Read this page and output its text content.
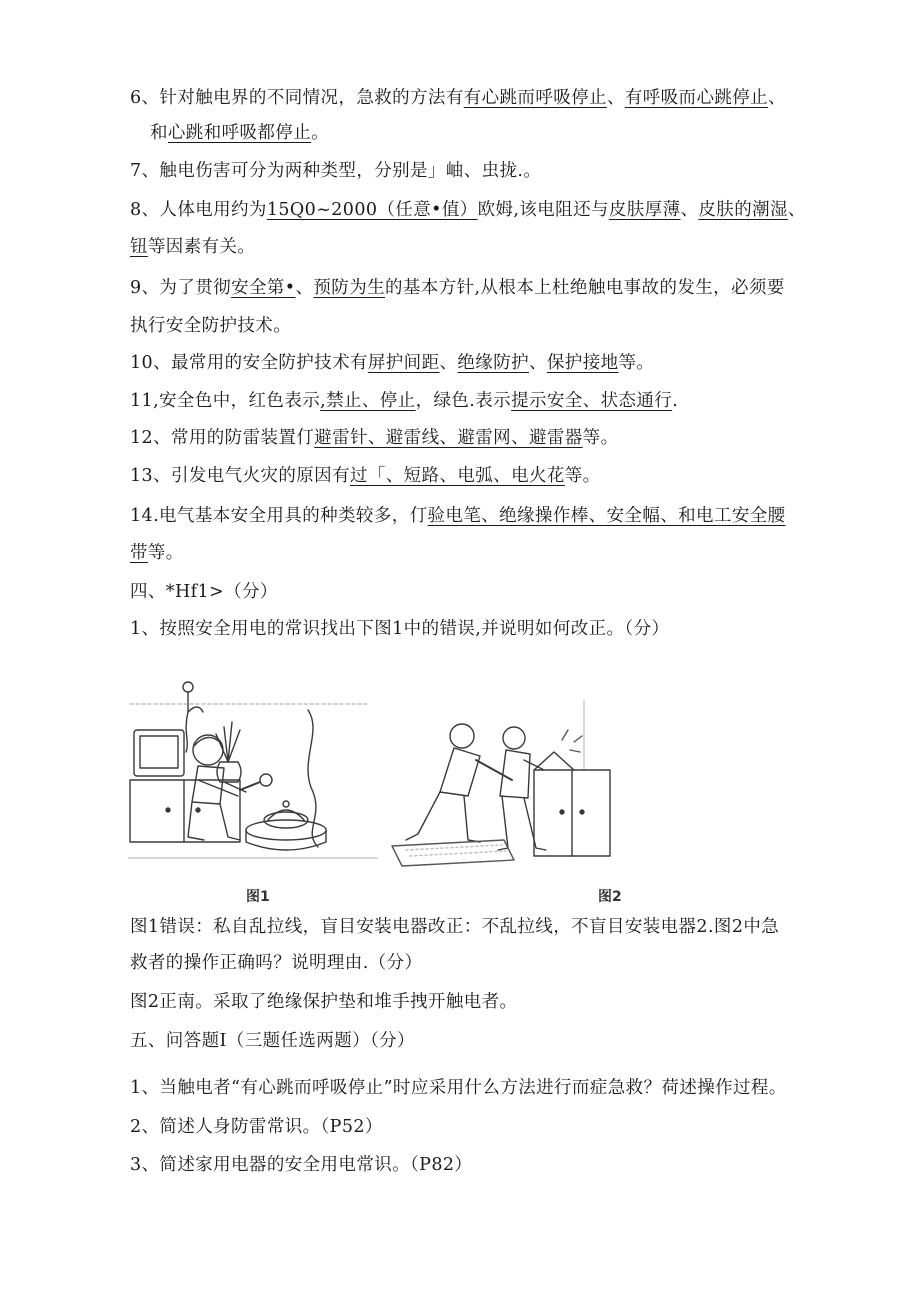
6、针对触电界的不同情况，急救的方法有有心跳而呼吸停止、有呼吸而心跳停止、
和心跳和呼吸都停止。
7、触电伤害可分为两种类型，分别是」岫、虫拢.。
8、人体电用约为15Q0~2000（任意•值）欧姆,该电阻还与皮肤厚薄、皮肤的潮湿、
钮等因素有关。
9、为了贯彻安全第•、预防为生的基本方针,从根本上杜绝触电事故的发生，必须要
执行安全防护技术。
10、最常用的安全防护技术有屏护间距、绝缘防护、保护接地等。
11,安全色中，红色表示,禁止、停止，绿色.表示提示安全、状态通行.
12、常用的防雷装置仃避雷针、避雷线、避雷网、避雷器等。
13、引发电气火灾的原因有过「、短路、电弧、电火花等。
14.电气基本安全用具的种类较多，仃验电笔、绝缘操作棒、安全幅、和电工安全腰
带等。
四、*Hf1>（分）
1、按照安全用电的常识找出下图1中的错误,并说明如何改正。（分）
图1	图2
图1错误：私自乱拉线，盲目安装电器改正：不乱拉线，不盲目安装电器2.图2中急
救者的操作正确吗？说明理由.（分）
图2正南。采取了绝缘保护垫和堆手拽开触电者。
五、问答题I（三题任选两题）（分）
1、当触电者“有心跳而呼吸停止”时应采用什么方法进行而症急救？荷述操作过程。
2、简述人身防雷常识。（P52）
3、简述家用电器的安全用电常识。（P82）
